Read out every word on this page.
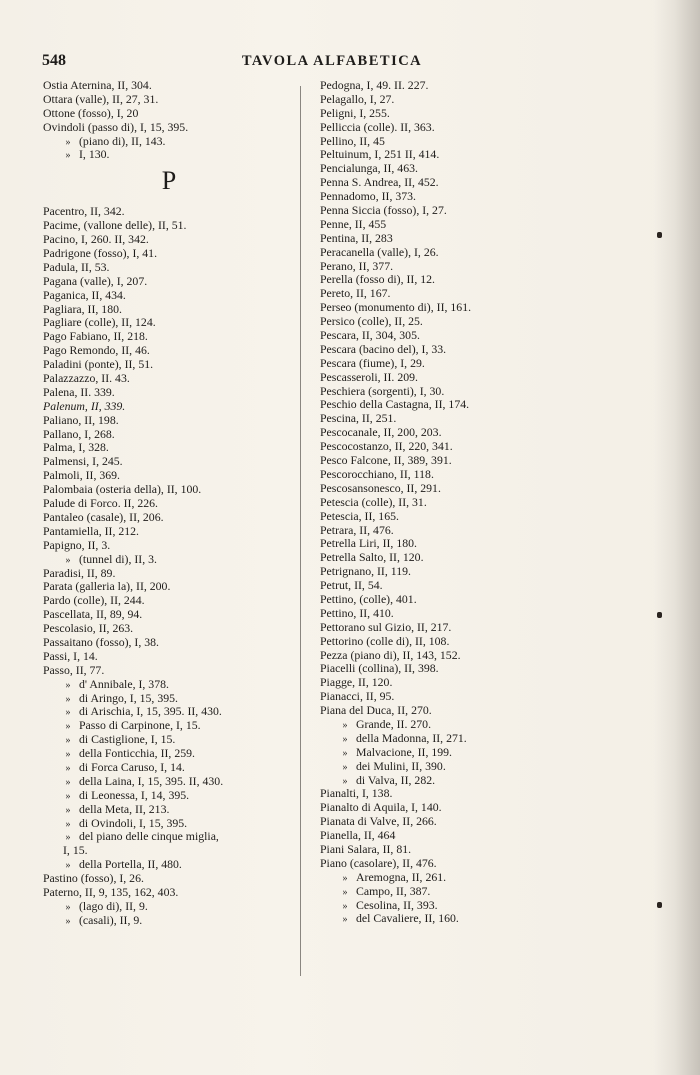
548	TAVOLA ALFABETICA
Ostia Aternina, II, 304.
Ottara (valle), II, 27, 31.
Ottone (fosso), I, 20
Ovindoli (passo di), I, 15, 395.
» (piano di), II, 143.
» I, 130.
P
Pacentro, II, 342.
Pacime, (vallone delle), II, 51.
Pacino, I, 260. II, 342.
Padrigone (fosso), I, 41.
Padula, II, 53.
Pagana (valle), I, 207.
Paganica, II, 434.
Pagliara, II, 180.
Pagliare (colle), II, 124.
Pago Fabiano, II, 218.
Pago Remondo, II, 46.
Paladini (ponte), II, 51.
Palazzazzo, II. 43.
Palena, II. 339.
Palenum, II, 339.
Paliano, II, 198.
Pallano, I, 268.
Palma, I, 328.
Palmensi, I, 245.
Palmoli, II, 369.
Palombaia (osteria della), II, 100.
Palude di Forco. II, 226.
Pantaleo (casale), II, 206.
Pantamiella, II, 212.
Papigno, II, 3.
» (tunnel di), II, 3.
Paradisi, II, 89.
Parata (galleria la), II, 200.
Pardo (colle), II, 244.
Pascellata, II, 89, 94.
Pescolasio, II, 263.
Passaitano (fosso), I, 38.
Passi, I, 14.
Passo, II, 77.
» d' Annibale, I, 378.
» di Aringo, I, 15, 395.
» di Arischia, I, 15, 395. II, 430.
» Passo di Carpinone, I, 15.
» di Castiglione, I, 15.
» della Fonticchia, II, 259.
» di Forca Caruso, I, 14.
» della Laina, I, 15, 395. II, 430.
» di Leonessa, I, 14, 395.
» della Meta, II, 213.
» di Ovindoli, I, 15, 395.
» del piano delle cinque miglia,
I, 15.
» della Portella, II, 480.
Pastino (fosso), I, 26.
Paterno, II, 9, 135, 162, 403.
» (lago di), II, 9.
» (casali), II, 9.
Pedogna, I, 49. II. 227.
Pelagallo, I, 27.
Peligni, I, 255.
Pelliccia (colle). II, 363.
Pellino, II, 45
Peltuinum, I, 251 II, 414.
Pencialunga, II, 463.
Penna S. Andrea, II, 452.
Pennadomo, II, 373.
Penna Siccia (fosso), I, 27.
Penne, II, 455
Pentina, II, 283
Peracanella (valle), I, 26.
Perano, II, 377.
Perella (fosso di), II, 12.
Pereto, II, 167.
Perseo (monumento di), II, 161.
Persico (colle), II, 25.
Pescara, II, 304, 305.
Pescara (bacino del), I, 33.
Pescara (fiume), I, 29.
Pescasseroli, II. 209.
Peschiera (sorgenti), I, 30.
Peschio della Castagna, II, 174.
Pescina, II, 251.
Pescocanale, II, 200, 203.
Pescocostanzo, II, 220, 341.
Pesco Falcone, II, 389, 391.
Pescorocchiano, II, 118.
Pescosansonesco, II, 291.
Petescia (colle), II, 31.
Petescia, II, 165.
Petrara, II, 476.
Petrella Liri, II, 180.
Petrella Salto, II, 120.
Petrignano, II, 119.
Petrut, II, 54.
Pettino, (colle), 401.
Pettino, II, 410.
Pettorano sul Gizio, II, 217.
Pettorino (colle di), II, 108.
Pezza (piano di), II, 143, 152.
Piacelli (collina), II, 398.
Piagge, II, 120.
Pianacci, II, 95.
Piana del Duca, II, 270.
» Grande, II. 270.
» della Madonna, II, 271.
» Malvacione, II, 199.
» dei Mulini, II, 390.
» di Valva, II, 282.
Pianalti, I, 138.
Pianalto di Aquila, I, 140.
Pianata di Valve, II, 266.
Pianella, II, 464
Piani Salara, II, 81.
Piano (casolare), II, 476.
» Aremogna, II, 261.
» Campo, II, 387.
» Cesolina, II, 393.
» del Cavaliere, II, 160.
